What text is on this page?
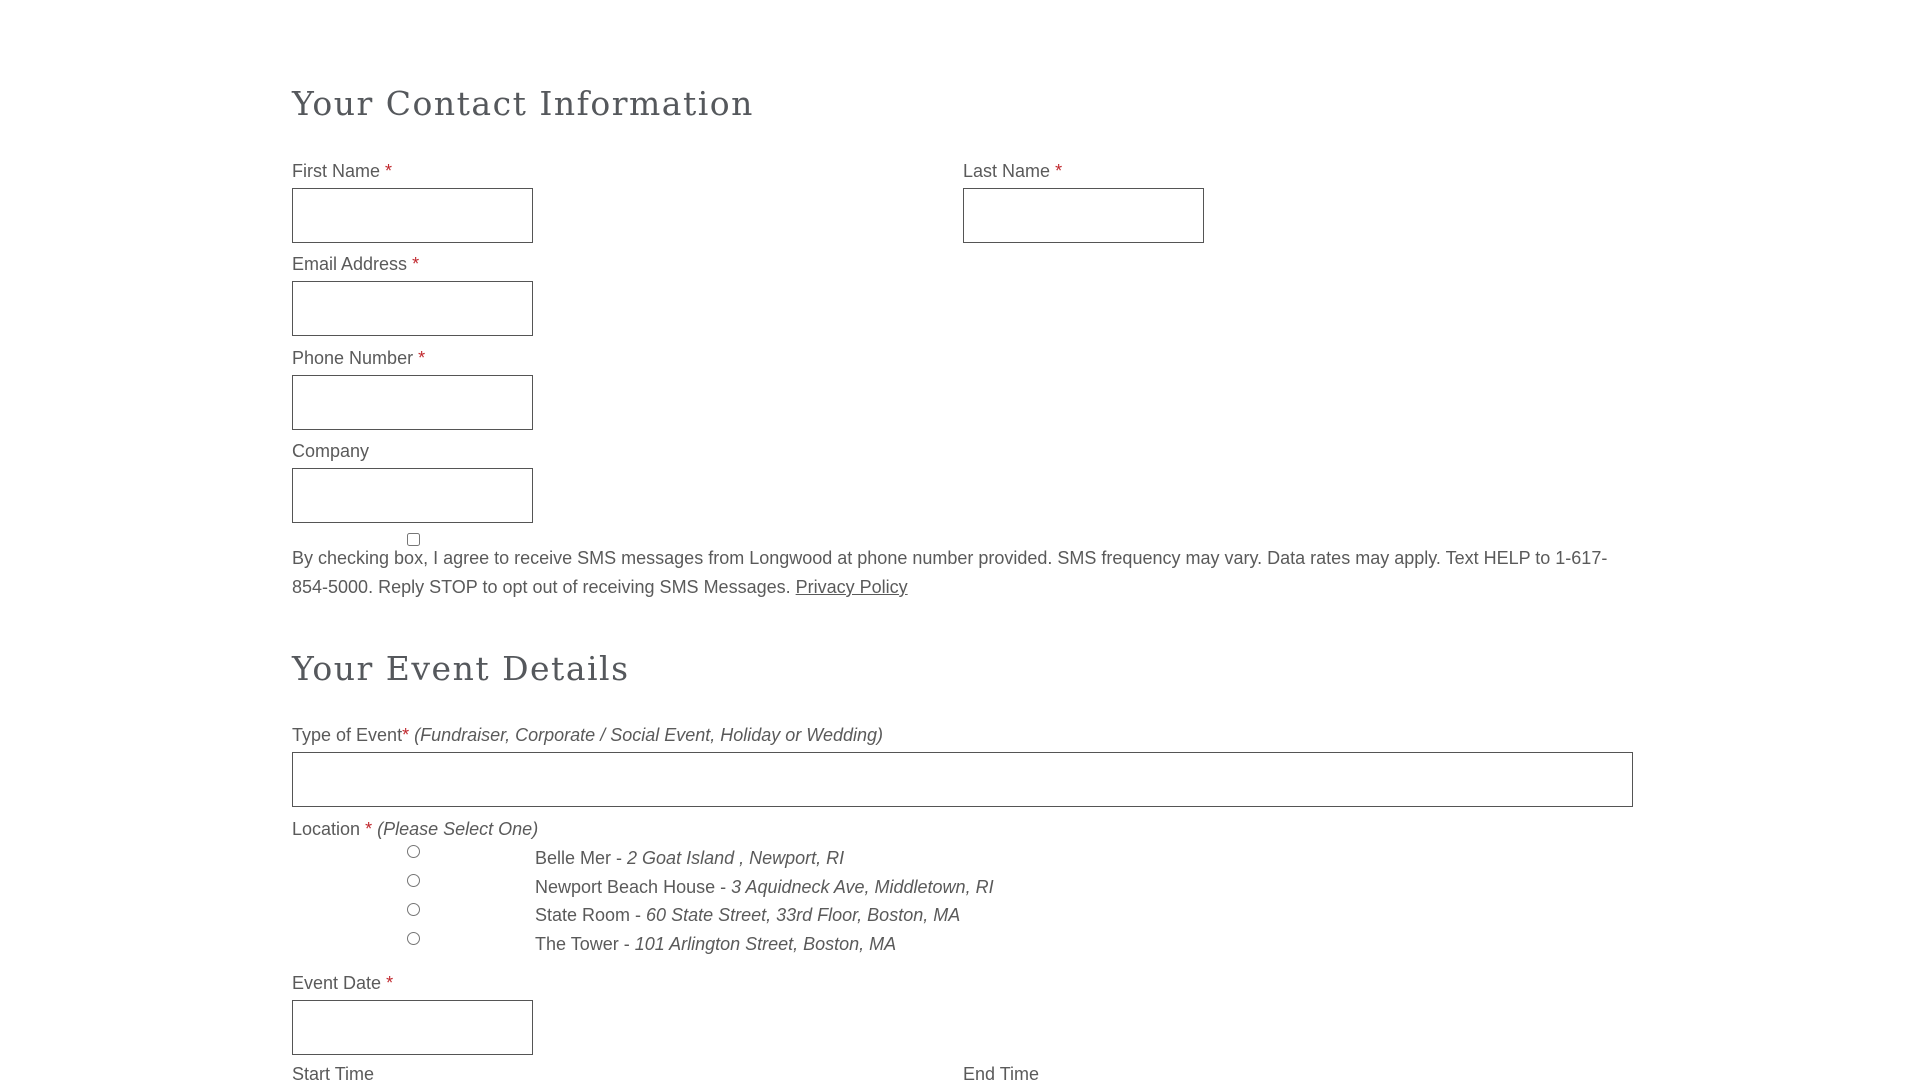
Your Contact Information
First Name *	Last Name *
Email Address *
Phone Number *
Company
By checking box, I agree to receive SMS messages from Longwood at phone number provided. SMS frequency may vary. Data rates may apply. Text HELP to 1-617-854-5000. Reply STOP to opt out of receiving SMS Messages. Privacy Policy
Your Event Details
Type of Event* (Fundraiser, Corporate / Social Event, Holiday or Wedding)
Location * (Please Select One)
Belle Mer - 2 Goat Island , Newport, RI
Newport Beach House - 3 Aquidneck Ave, Middletown, RI
State Room - 60 State Street, 33rd Floor, Boston, MA
The Tower - 101 Arlington Street, Boston, MA
Event Date *
Start Time	End Time
